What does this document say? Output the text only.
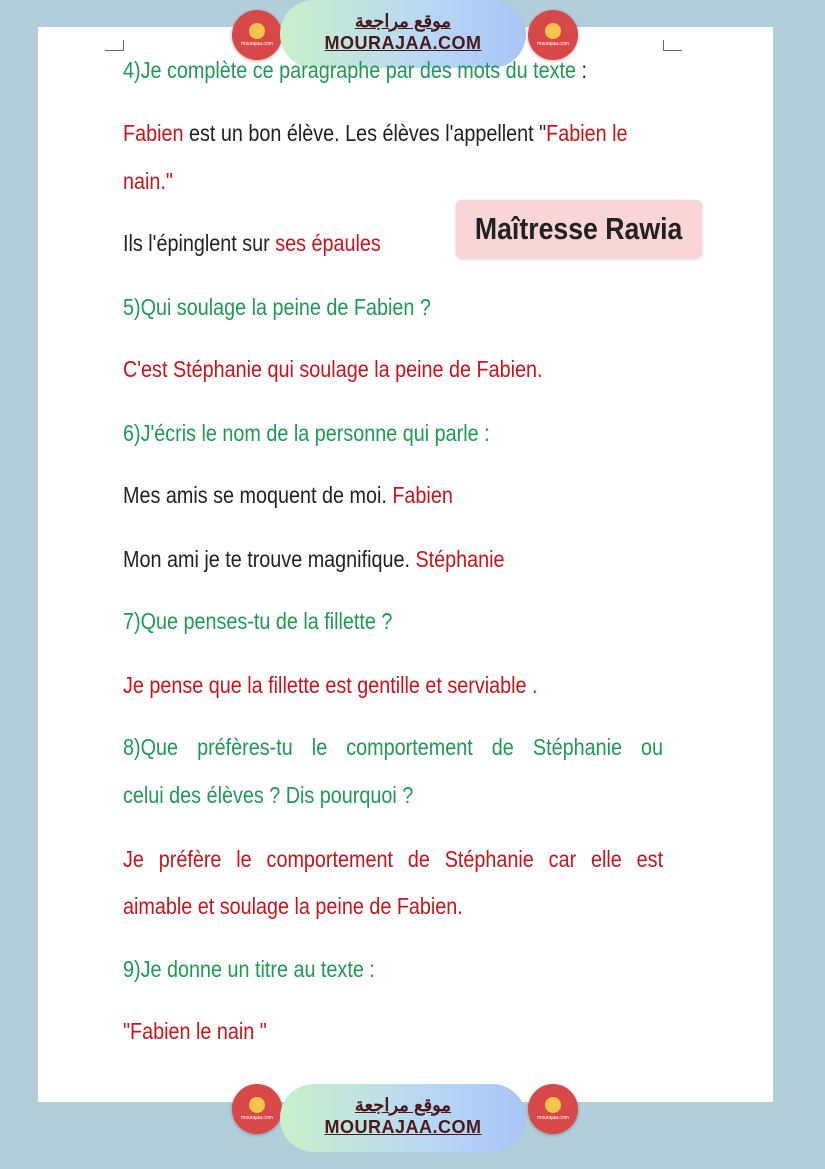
mourajaa.com
موقع مراجعة
MOURAJAA.COM	mourajaa.com
4)Je complète ce paragraphe par des mots du texte :
Fabien est un bon élève. Les élèves l'appellent "Fabien le
nain."
Ils l'épinglent sur ses épaules	Maîtresse Rawia
5)Qui soulage la peine de Fabien ?
C'est Stéphanie qui soulage la peine de Fabien.
6)J'écris le nom de la personne qui parle :
Mes amis se moquent de moi. Fabien
Mon ami je te trouve magnifique. Stéphanie
7)Que penses-tu de la fillette ?
Je pense que la fillette est gentille et serviable .
8)Que préfères-tu le comportement de Stéphanie ou
celui des élèves ? Dis pourquoi ?
Je préfère le comportement de Stéphanie car elle est
aimable et soulage la peine de Fabien.
9)Je donne un titre au texte :
"Fabien le nain "
mourajaa.com
موقع مراجعة
MOURAJAA.COM	mourajaa.com
